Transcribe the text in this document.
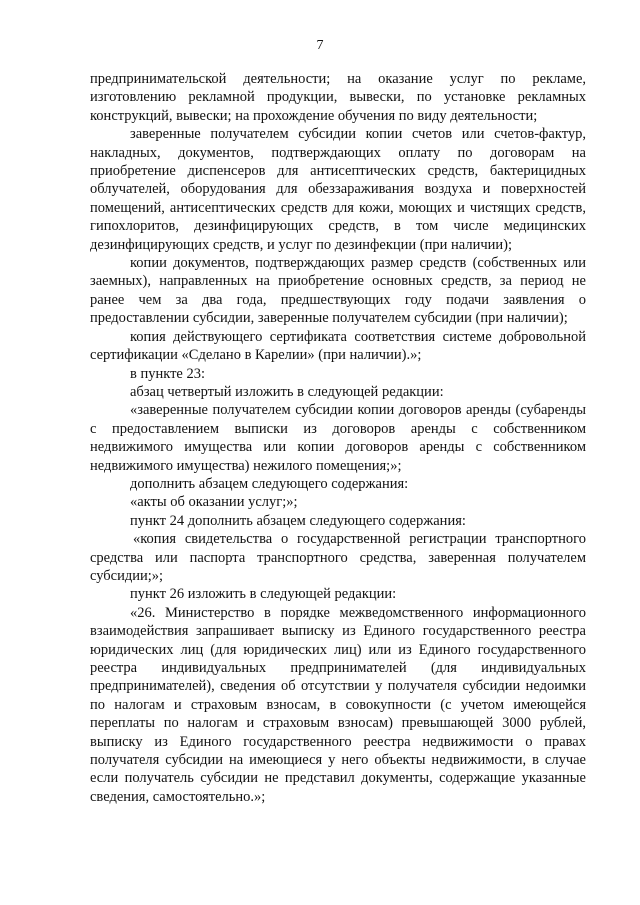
7

предпринимательской деятельности; на оказание услуг по рекламе, изготовлению рекламной продукции, вывески, по установке рекламных конструкций, вывески; на прохождение обучения по виду деятельности;

заверенные получателем субсидии копии счетов или счетов-фактур, накладных, документов, подтверждающих оплату по договорам на приобретение диспенсеров для антисептических средств, бактерицидных облучателей, оборудования для обеззараживания воздуха и поверхностей помещений, антисептических средств для кожи, моющих и чистящих средств, гипохлоритов, дезинфицирующих средств, в том числе медицинских дезинфицирующих средств, и услуг по дезинфекции (при наличии);

копии документов, подтверждающих размер средств (собственных или заемных), направленных на приобретение основных средств, за период не ранее чем за два года, предшествующих году подачи заявления о предоставлении субсидии, заверенные получателем субсидии (при наличии);

копия действующего сертификата соответствия системе добровольной сертификации «Сделано в Карелии» (при наличии).»;

в пункте 23:

абзац четвертый изложить в следующей редакции:

«заверенные получателем субсидии копии договоров аренды (субаренды с предоставлением выписки из договоров аренды с собственником недвижимого имущества или копии договоров аренды с собственником недвижимого имущества) нежилого помещения;»;

дополнить абзацем следующего содержания:

«акты об оказании услуг;»;

пункт 24 дополнить абзацем следующего содержания:

«копия свидетельства о государственной регистрации транспортного средства или паспорта транспортного средства, заверенная получателем субсидии;»;

пункт 26 изложить в следующей редакции:

«26. Министерство в порядке межведомственного информационного взаимодействия запрашивает выписку из Единого государственного реестра юридических лиц (для юридических лиц) или из Единого государственного реестра индивидуальных предпринимателей (для индивидуальных предпринимателей), сведения об отсутствии у получателя субсидии недоимки по налогам и страховым взносам, в совокупности (с учетом имеющейся переплаты по налогам и страховым взносам) превышающей 3000 рублей, выписку из Единого государственного реестра недвижимости о правах получателя субсидии на имеющиеся у него объекты недвижимости, в случае если получатель субсидии не представил документы, содержащие указанные сведения, самостоятельно.»;
